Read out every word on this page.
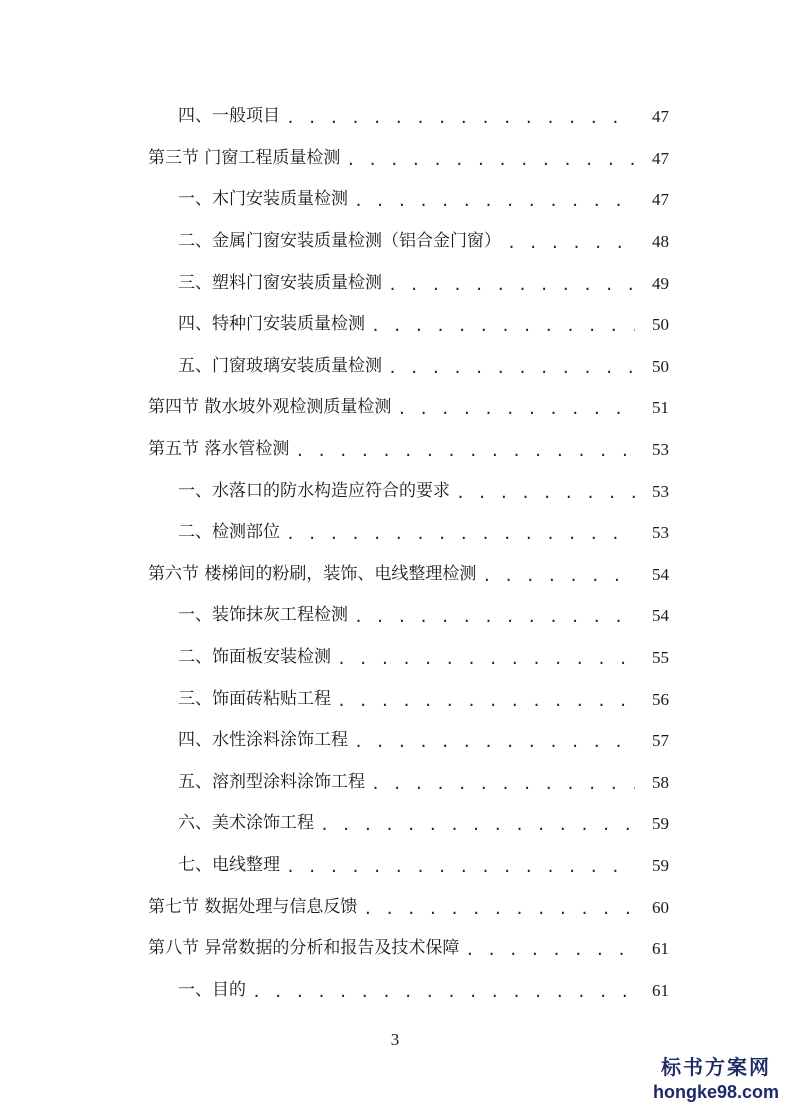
四、一般项目 . . .	47
第三节 门窗工程质量检测 . . .	47
一、木门安装质量检测 . . .	47
二、金属门窗安装质量检测（铝合金门窗） . . .	48
三、塑料门窗安装质量检测 . . .	49
四、特种门安装质量检测 . . .	50
五、门窗玻璃安装质量检测 . . .	50
第四节 散水坡外观检测质量检测 . . .	51
第五节 落水管检测 . . .	53
一、水落口的防水构造应符合的要求 . . .	53
二、检测部位 . . .	53
第六节 楼梯间的粉刷，装饰、电线整理检测 . . .	54
一、装饰抹灰工程检测 . . .	54
二、饰面板安装检测 . . .	55
三、饰面砖粘贴工程 . . .	56
四、水性涂料涂饰工程 . . .	57
五、溶剂型涂料涂饰工程 . . .	58
六、美术涂饰工程 . . .	59
七、电线整理 . . .	59
第七节 数据处理与信息反馈 . . .	60
第八节 异常数据的分析和报告及技术保障 . . .	61
一、目的 . . .	61
3
标书方案网
hongke98.com
